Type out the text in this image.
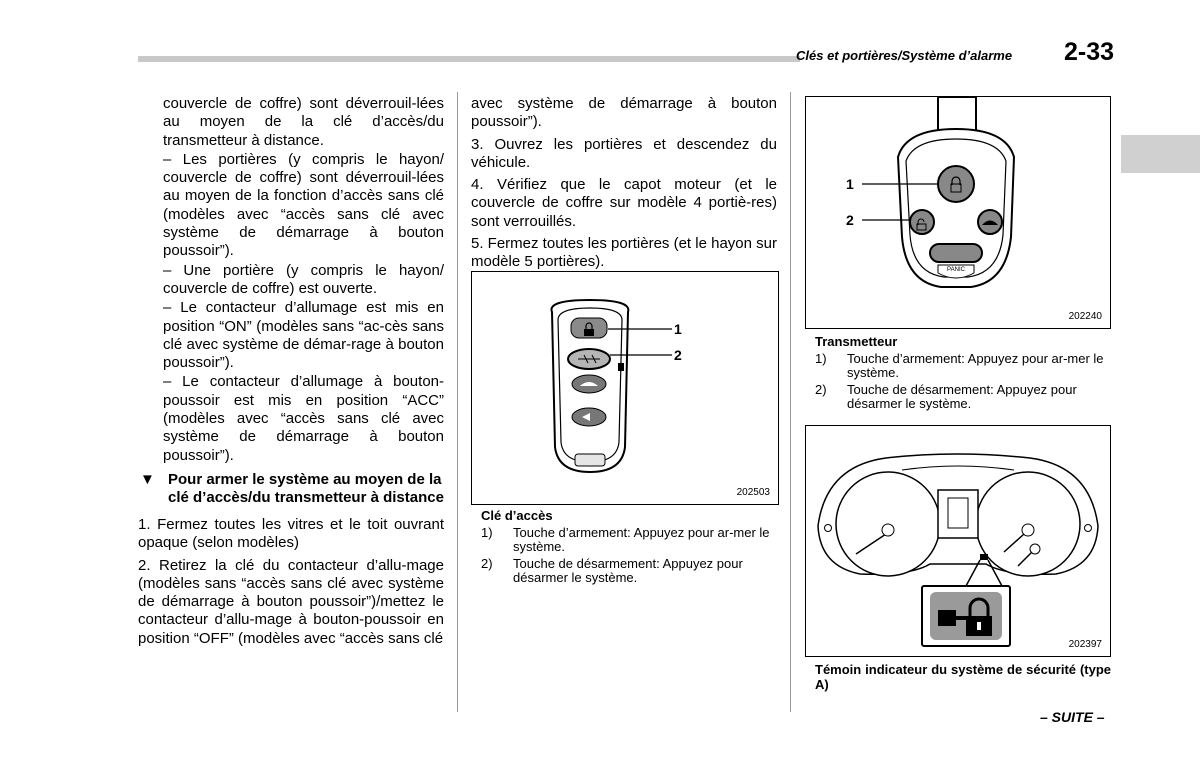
Clés et portières/Système d’alarme 2-33

couvercle de coffre) sont déverrouil-lées au moyen de la clé d’accès/du transmetteur à distance.

– Les portières (y compris le hayon/ couvercle de coffre) sont déverrouil-lées au moyen de la fonction d’accès sans clé (modèles avec “accès sans clé avec système de démarrage à bouton poussoir”).

– Une portière (y compris le hayon/ couvercle de coffre) est ouverte.

– Le contacteur d’allumage est mis en position “ON” (modèles sans “ac-cès sans clé avec système de démar-rage à bouton poussoir”).

– Le contacteur d’allumage à bouton-poussoir est mis en position “ACC” (modèles avec “accès sans clé avec système de démarrage à bouton poussoir”).

▼ Pour armer le système au moyen de la clé d’accès/du transmetteur à distance

1. Fermez toutes les vitres et le toit ouvrant opaque (selon modèles)

2. Retirez la clé du contacteur d’allu-mage (modèles sans “accès sans clé avec système de démarrage à bouton poussoir”)/mettez le contacteur d’allu-mage à bouton-poussoir en position “OFF” (modèles avec “accès sans clé

avec système de démarrage à bouton poussoir”).

3. Ouvrez les portières et descendez du véhicule.

4. Vérifiez que le capot moteur (et le couvercle de coffre sur modèle 4 portiè-res) sont verrouillés.

5. Fermez toutes les portières (et le hayon sur modèle 5 portières).

1
2
202503
Clé d’accès
1)	Touche d’armement: Appuyez pour ar-mer le système.
2)	Touche de désarmement: Appuyez pour désarmer le système.
PANIC
1
2
202240
Transmetteur
1)	Touche d’armement: Appuyez pour ar-mer le système.
2)	Touche de désarmement: Appuyez pour désarmer le système.
202397
Témoin indicateur du système de sécurité (type A)
– SUITE –
